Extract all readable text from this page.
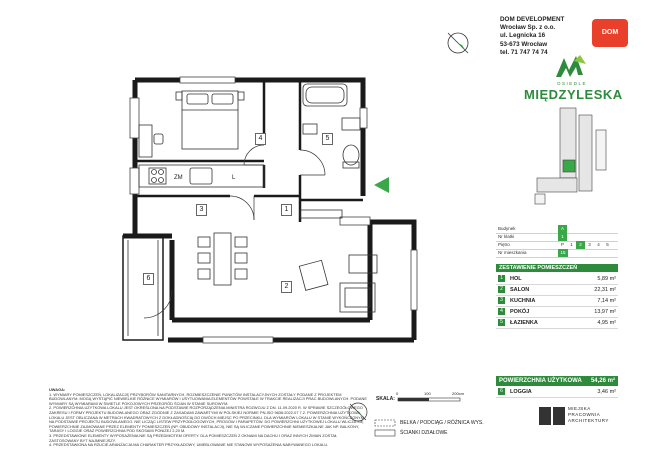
4	5
3	1
2
6
ZM	L
DOM DEVELOPMENT
Wrocław Sp. z o.o.
ul. Legnicka 16
53-673 Wrocław
tel. 71 747 74 74
DOM
OSIEDLE
MIĘDZYLESKA
Budynek	A
Nr klatki	1
Piętro	P	1	2	3	4	5
Nr mieszkania	15
ZESTAWIENIE POMIESZCZEŃ
1	HOL	5,89 m²
2	SALON	22,31 m²
3	KUCHNIA	7,14 m²
4	POKÓJ	13,97 m²
5	ŁAZIENKA	4,95 m²
POWIERZCHNIA UŻYTKOWA 54,26 m²
6	LOGGIA	3,46 m²
SKALA:
0	100	200cm
BELKA / PODCIĄG / RÓŻNICA WYS.
ŚCIANKI DZIAŁOWE
MIEJSKA
PRACOWNIA
ARCHITEKTURY

UWAGA:

1. WYMIARY POMIESZCZEŃ, LOKALIZACJĘ PRZYBORÓW SANITARNYCH, ROZMIESZCZENIE PUNKTÓW INSTALACYJNYCH ZOSTAŁY PODANE Z PROJEKTEM BUDOWLANYM. MOGĄ WYSTĄPIĆ NIEWIELKIE RÓŻNICE WYMIARÓW I USYTUOWANIA ELEMENTÓW POWSTAŁE W TRAKCIE REALIZACJI PRAC BUDOWLANYCH. PODANE WYMIARY SĄ WYMIARAMI W ŚWIETLE POKOJOWYCH PRZEGRÓD ŚCIAN W STANIE SUROWYM.

2. POWIERZCHNIA UŻYTKOWA LOKALU JEST OKREŚLONA NA PODSTAWIE ROZPORZĄDZENIA MINISTRA ROZWOJU Z DN. 11.09.2020 R. W SPRAWIE SZCZEGÓŁOWEGO ZAKRESU I FORMY PROJEKTU BUDOWLANEGO ORAZ ZGODNIE Z ZASADAMI ZAWARTYMI W POLSKIEJ NORMIE PN-ISO 9836:2022-07 7.2. POWIERZCHNIA UŻYTKOWA LOKALU JEST OBLICZANA W METRACH KWADRATOWYCH Z DOKŁADNOŚCIĄ DO DWÓCH MIEJSC PO PRZECINKU. DLA WYMIARÓW LOKALU W STANIE WYKOŃCZONYM, NA PODSTAWIE PROJEKTU BUDOWLANEGO. NIE LICZĄC LISTEW PRZYPODŁOGOWYCH, PROGÓW I PARAPETÓW. DO POWIERZCHNI UŻYTKOWEJ LOKALU WLICZA SIĘ POWIERZCHNIE ZAJMOWANE PRZEZ ELEMENTY POMIESZCZEŃ (NP. OBUDOWY INSTALACJI), NIE SĄ WLICZANE POWIERZCHNIE NIEMIESZKALNE JAK NP. BALKONY, TARASY I LOGGIE ORAZ POWIERZCHNIA POD SKOSAMI PONIŻEJ 2,20 M.

3. PRZEDSTAWIONE ELEMENTY WYPOSAŻENIA NIE SĄ PRZEDMIOTEM OFERTY. DLA POMIESZCZEŃ Z OKNAMI NA DACHU I ORAZ INNYCH ZMIAN ZOSTAŁ ZASTOSOWANY BYT NAJMNIEJSZY.

4. PRZEDSTAWIONA NA RZUCIE ARANŻACJA MA CHARAKTER PRZYKŁADOWY, UMEBLOWANIE NIE STANOWI WYPOSAŻENIA NABYWANEGO LOKALU.
